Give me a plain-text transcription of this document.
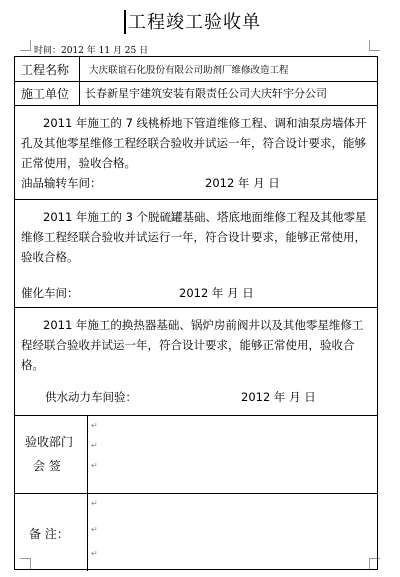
工程竣工验收单
时间：2012 年 11 月 25 日
工程名称 大庆联谊石化股份有限公司助剂厂维修改造工程
施工单位 长春新星宇建筑安装有限责任公司大庆轩宇分公司
2011 年施工的 7 线桃桥地下管道维修工程、调和油泵房墙体开孔及其他零星维修工程经联合验收并试运一年，符合设计要求，能够正常使用，验收合格。
油品输转车间：	2012 年 月 日
2011 年施工的 3 个脱硫罐基础、塔底地面维修工程及其他零星维修工程经联合验收并试运行一年，符合设计要求，能够正常使用，验收合格。
催化车间：	2012 年 月 日
2011 年施工的换热器基础、锅炉房前阀井以及其他零星维修工程经联合验收并试运一年，符合设计要求，能够正常使用，验收合格。
供水动力车间验：	2012 年 月 日
验收部门
会 签
↵
↵
↵
备 注：
↵
↵
↵
